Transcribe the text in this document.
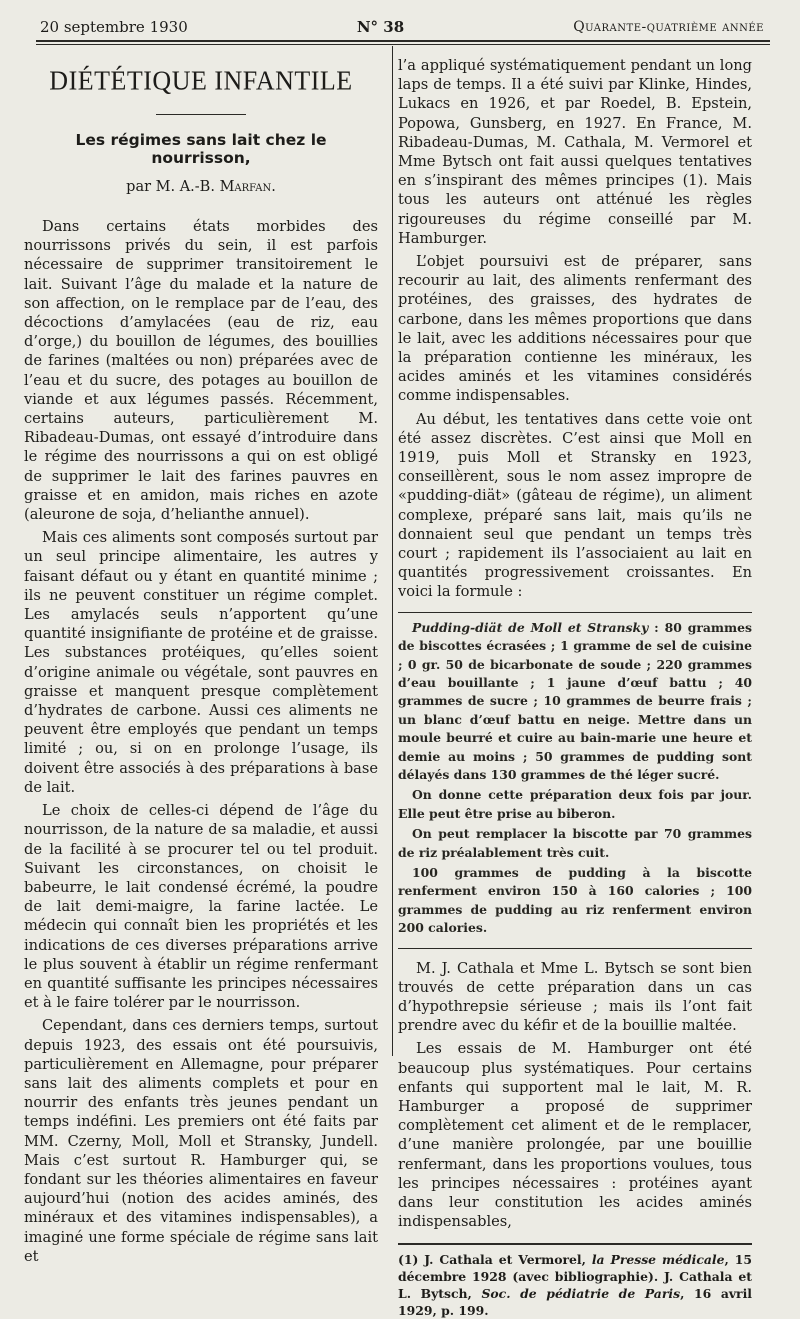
20 septembre 1930	N° 38	Quarante-quatrième année
DIÉTÉTIQUE INFANTILE
Les régimes sans lait chez le nourrisson,
par M. A.-B. Marfan.

Dans certains états morbides des nourrissons privés du sein, il est parfois nécessaire de supprimer transitoirement le lait. Suivant l’âge du malade et la nature de son affection, on le remplace par de l’eau, des décoctions d’amylacées (eau de riz, eau d’orge,) du bouillon de légumes, des bouillies de farines (maltées ou non) préparées avec de l’eau et du sucre, des potages au bouillon de viande et aux légumes passés. Récemment, certains auteurs, particulièrement M. Ribadeau-Dumas, ont essayé d’introduire dans le régime des nourrissons a qui on est obligé de supprimer le lait des farines pauvres en graisse et en amidon, mais riches en azote (aleurone de soja, d’helianthe annuel).

Mais ces aliments sont composés surtout par un seul principe alimentaire, les autres y faisant défaut ou y étant en quantité minime ; ils ne peuvent constituer un régime complet. Les amylacés seuls n’apportent qu’une quantité insignifiante de protéine et de graisse. Les substances protéiques, qu’elles soient d’origine animale ou végétale, sont pauvres en graisse et manquent presque complètement d’hydrates de carbone. Aussi ces aliments ne peuvent être employés que pendant un temps limité ; ou, si on en prolonge l’usage, ils doivent être associés à des préparations à base de lait.

Le choix de celles-ci dépend de l’âge du nourrisson, de la nature de sa maladie, et aussi de la facilité à se procurer tel ou tel produit. Suivant les circonstances, on choisit le babeurre, le lait condensé écrémé, la poudre de lait demi-maigre, la farine lactée. Le médecin qui connaît bien les propriétés et les indications de ces diverses préparations arrive le plus souvent à établir un régime renfermant en quantité suffisante les principes nécessaires et à le faire tolérer par le nourrisson.

Cependant, dans ces derniers temps, surtout depuis 1923, des essais ont été poursuivis, particulièrement en Allemagne, pour préparer sans lait des aliments complets et pour en nourrir des enfants très jeunes pendant un temps indéfini. Les premiers ont été faits par MM. Czerny, Moll, Moll et Stransky, Jundell. Mais c’est surtout R. Hamburger qui, se fondant sur les théories alimentaires en faveur aujourd’hui (notion des acides aminés, des minéraux et des vitamines indispensables), a imaginé une forme spéciale de régime sans lait et

l’a appliqué systématiquement pendant un long laps de temps. Il a été suivi par Klinke, Hindes, Lukacs en 1926, et par Roedel, B. Epstein, Popowa, Gunsberg, en 1927. En France, M. Ribadeau-Dumas, M. Cathala, M. Vermorel et Mme Bytsch ont fait aussi quelques tentatives en s’inspirant des mêmes principes (1). Mais tous les auteurs ont atténué les règles rigoureuses du régime conseillé par M. Hamburger.

L’objet poursuivi est de préparer, sans recourir au lait, des aliments renfermant des protéines, des graisses, des hydrates de carbone, dans les mêmes proportions que dans le lait, avec les additions nécessaires pour que la préparation contienne les minéraux, les acides aminés et les vitamines considérés comme indispensables.

Au début, les tentatives dans cette voie ont été assez discrètes. C’est ainsi que Moll en 1919, puis Moll et Stransky en 1923, conseillèrent, sous le nom assez impropre de «pudding-diät» (gâteau de régime), un aliment complexe, préparé sans lait, mais qu’ils ne donnaient seul que pendant un temps très court ; rapidement ils l’associaient au lait en quantités progressivement croissantes. En voici la formule :

Pudding-diät de Moll et Stransky : 80 grammes de biscottes écrasées ; 1 gramme de sel de cuisine ; 0 gr. 50 de bicarbonate de soude ; 220 grammes d’eau bouillante ; 1 jaune d’œuf battu ; 40 grammes de sucre ; 10 grammes de beurre frais ; un blanc d’œuf battu en neige. Mettre dans un moule beurré et cuire au bain-marie une heure et demie au moins ; 50 grammes de pudding sont délayés dans 130 grammes de thé léger sucré.

On donne cette préparation deux fois par jour. Elle peut être prise au biberon.

On peut remplacer la biscotte par 70 grammes de riz préalablement très cuit.

100 grammes de pudding à la biscotte renferment environ 150 à 160 calories ; 100 grammes de pudding au riz renferment environ 200 calories.

M. J. Cathala et Mme L. Bytsch se sont bien trouvés de cette préparation dans un cas d’hypothrepsie sérieuse ; mais ils l’ont fait prendre avec du kéfir et de la bouillie maltée.

Les essais de M. Hamburger ont été beaucoup plus systématiques. Pour certains enfants qui supportent mal le lait, M. R. Hamburger a proposé de supprimer complètement cet aliment et de le remplacer, d’une manière prolongée, par une bouillie renfermant, dans les proportions voulues, tous les principes nécessaires : protéines ayant dans leur constitution les acides aminés indispensables,

(1) J. Cathala et Vermorel, la Presse médicale, 15 décembre 1928 (avec bibliographie). J. Cathala et L. Bytsch, Soc. de pédiatrie de Paris, 16 avril 1929, p. 199.
